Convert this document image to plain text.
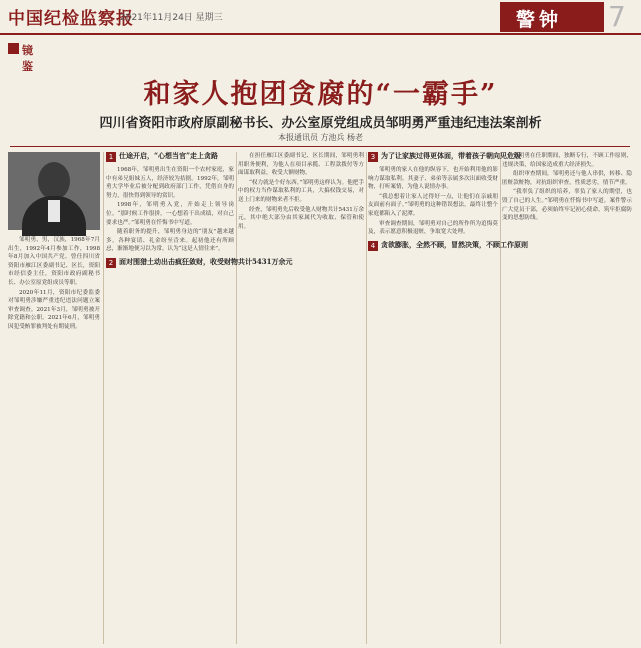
中国纪检监察报
2021年11月24日 星期三	警钟 7
镜鉴
和家人抱团贪腐的“一霸手”
四川省资阳市政府原副秘书长、办公室原党组成员邹明勇严重违纪违法案剖析
本报通讯员 方池兵 杨老

邹明勇，男，汉族，1968年7月出生，1992年4月参加工作，1998年8月加入中国共产党。曾任四川省资阳市雁江区委副书记、区长，资阳市经信委主任，资阳市政府副秘书长、办公室原党组成员等职。

2020年11月，资阳市纪委监委对邹明勇涉嫌严重违纪违法问题立案审查调查。2021年3月，邹明勇被开除党籍和公职。2021年6月，邹明勇因犯受贿罪被判处有期徒刑。

1 仕途开启，“心想当官”走上贪路

1968年，邹明勇出生在资阳一个农村家庭，家中有弟兄姐妹五人，经济较为拮据。1992年，邹明勇大学毕业后被分配到政府部门工作，凭借自身的努力，很快得到领导的赏识。

1998年，邹明勇入党，开始走上领导岗位。“那时候工作很拼，一心想着干出成绩，对自己要求也严。”邹明勇在忏悔书中写道。

随着职务的提升，邹明勇身边的“朋友”越来越多，各种宴请、礼金纷至沓来。起初他还有所顾忌，渐渐地便习以为常，认为“这是人情往来”。

2 面对围猎土动出击疯狂敛财，收受财物共计5431万余元

在担任雁江区委副书记、区长期间，邹明勇利用职务便利，为他人在项目承揽、工程款拨付等方面谋取利益，收受大额财物。

“权力就是个好东西。”邹明勇这样认为。他把手中的权力当作谋取私利的工具，大搞权钱交易，对送上门来的财物来者不拒。

经查，邹明勇先后收受他人财物共计5431万余元，其中绝大部分由其家属代为收取、保管和使用。

3 为了让家族过得更体面，带着孩子朝向见危级

邹明勇的家人在他的纵容下，也开始利用他的影响力谋取私利。其妻子、弟弟等亲属多次出面收受财物，打听案情，为他人说情办事。

“我总想着让家人过得好一点，让他们在亲戚朋友面前有面子。”邹明勇的这种错误想法，最终让整个家庭都陷入了泥潭。

审查调查期间，邹明勇对自己的所作所为追悔莫及，表示愿意积极退赃，争取宽大处理。

4 贪欲膨胀，全然不顾，冒然决策，不顾工作原则

邹明勇在任职期间，独断专行，不顾工作原则，违规决策，给国家造成重大经济损失。

组织审查期间，邹明勇还与他人串供，转移、隐匿赃款赃物，对抗组织审查，性质恶劣，情节严重。

“我辜负了组织的培养，辜负了家人的期望，也毁了自己的人生。”邹明勇在忏悔书中写道。案件警示广大党员干部，必须始终牢记初心使命，筑牢拒腐防变的思想防线。
